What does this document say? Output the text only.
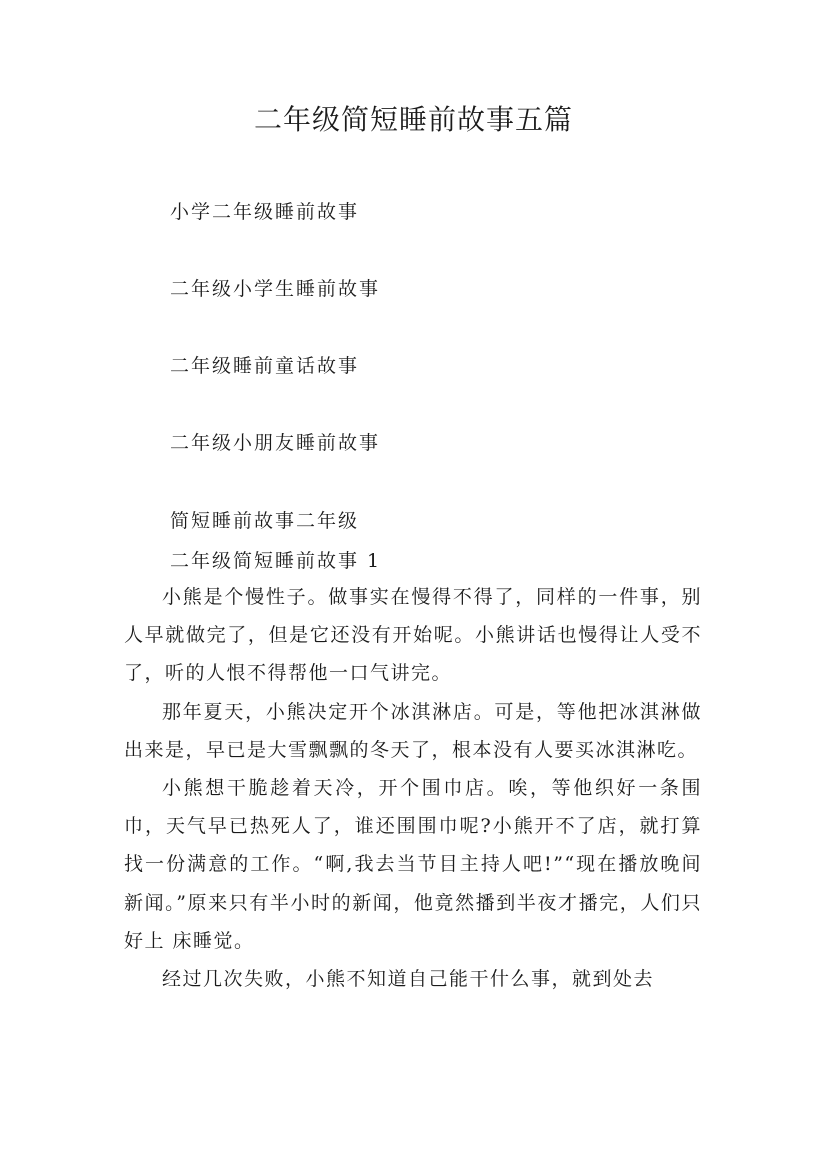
二年级简短睡前故事五篇

小学二年级睡前故事

二年级小学生睡前故事

二年级睡前童话故事

二年级小朋友睡前故事

简短睡前故事二年级

二年级简短睡前故事 1

小熊是个慢性子。做事实在慢得不得了，同样的一件事，别人早就做完了，但是它还没有开始呢。小熊讲话也慢得让人受不了，听的人恨不得帮他一口气讲完。

那年夏天，小熊决定开个冰淇淋店。可是，等他把冰淇淋做出来是，早已是大雪飘飘的冬天了，根本没有人要买冰淇淋吃。

小熊想干脆趁着天冷，开个围巾店。唉，等他织好一条围巾，天气早已热死人了，谁还围围巾呢?小熊开不了店，就打算找一份满意的工作。“啊,我去当节目主持人吧!”“现在播放晚间新闻。”原来只有半小时的新闻，他竟然播到半夜才播完，人们只好上 床睡觉。

经过几次失败，小熊不知道自己能干什么事，就到处去
